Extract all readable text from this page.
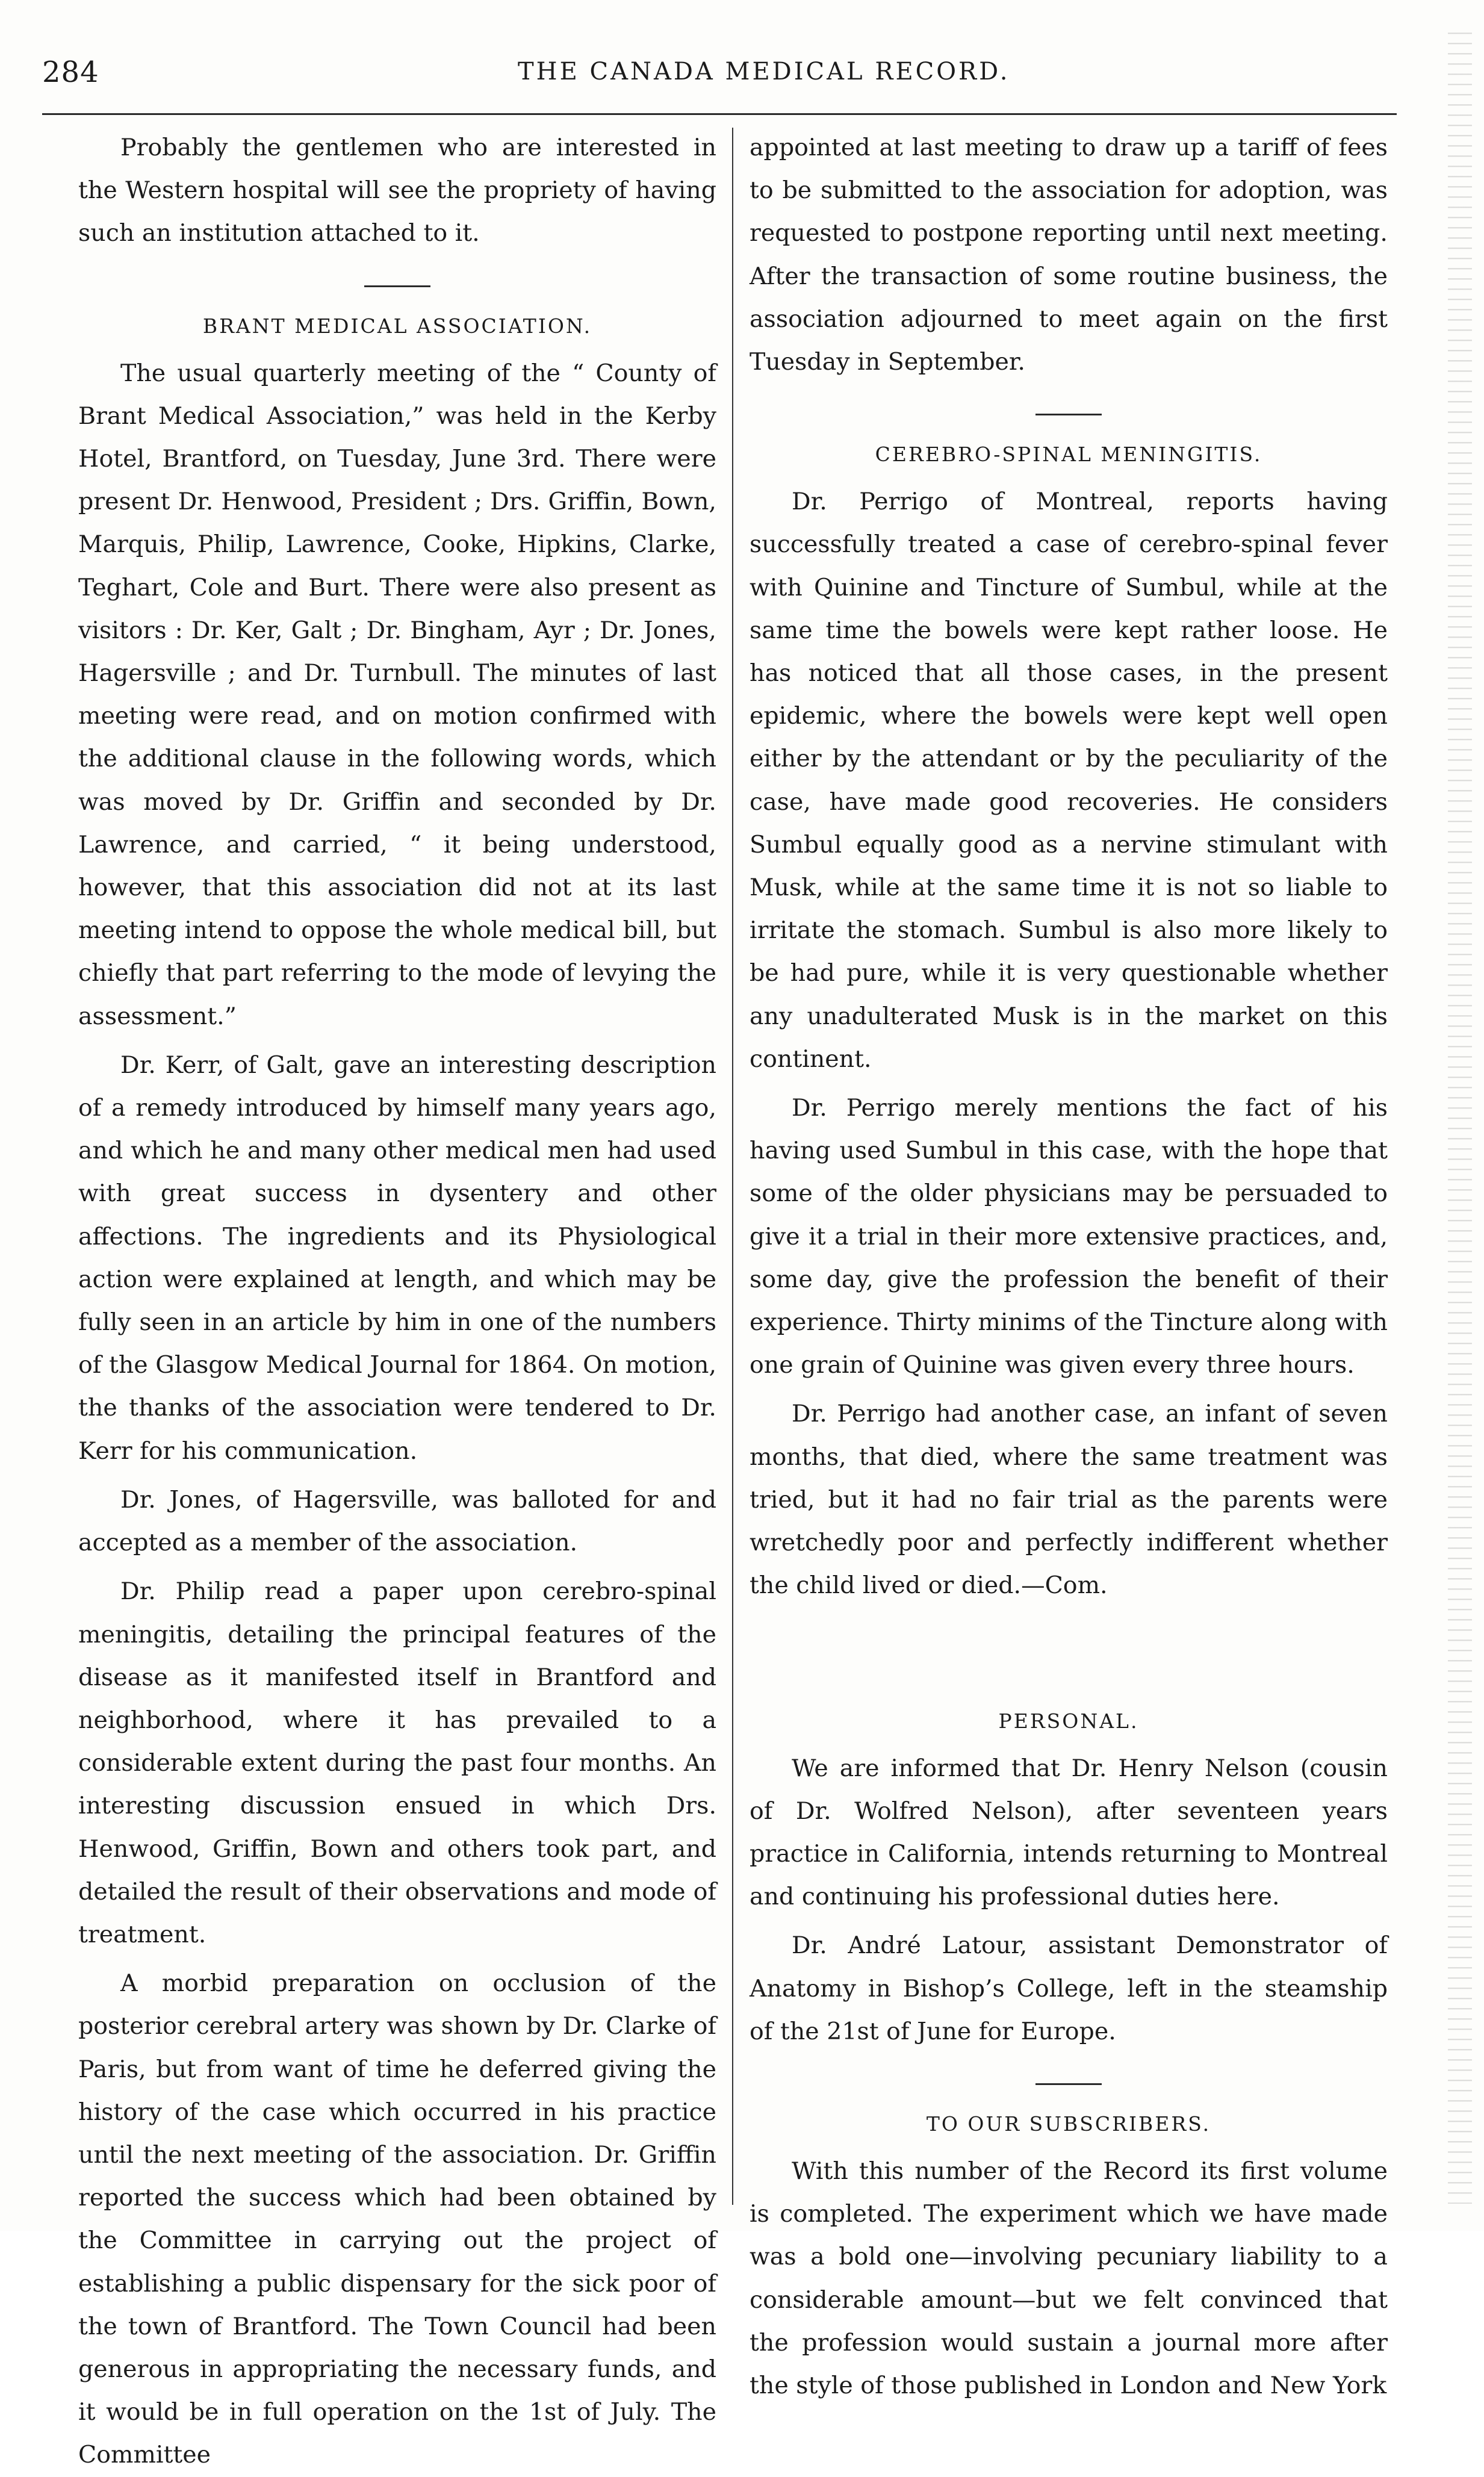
284	THE CANADA MEDICAL RECORD.

Probably the gentlemen who are interested in the Western hospital will see the propriety of having such an institution attached to it.

BRANT MEDICAL ASSOCIATION.

The usual quarterly meeting of the “ County of Brant Medical Association,” was held in the Kerby Hotel, Brantford, on Tuesday, June 3rd. There were present Dr. Henwood, President ; Drs. Griffin, Bown, Marquis, Philip, Lawrence, Cooke, Hipkins, Clarke, Teghart, Cole and Burt. There were also present as visitors : Dr. Ker, Galt ; Dr. Bingham, Ayr ; Dr. Jones, Hagersville ; and Dr. Turnbull. The minutes of last meeting were read, and on motion confirmed with the additional clause in the following words, which was moved by Dr. Griffin and seconded by Dr. Lawrence, and carried, “ it being understood, however, that this association did not at its last meeting intend to oppose the whole medical bill, but chiefly that part referring to the mode of levying the assessment.”

Dr. Kerr, of Galt, gave an interesting description of a remedy introduced by himself many years ago, and which he and many other medical men had used with great success in dysentery and other affections. The ingredients and its Physiological action were explained at length, and which may be fully seen in an article by him in one of the numbers of the Glasgow Medical Journal for 1864. On motion, the thanks of the association were tendered to Dr. Kerr for his communication.

Dr. Jones, of Hagersville, was balloted for and accepted as a member of the association.

Dr. Philip read a paper upon cerebro-spinal meningitis, detailing the principal features of the disease as it manifested itself in Brantford and neighborhood, where it has prevailed to a considerable extent during the past four months. An interesting discussion ensued in which Drs. Henwood, Griffin, Bown and others took part, and detailed the result of their observations and mode of treatment.

A morbid preparation on occlusion of the posterior cerebral artery was shown by Dr. Clarke of Paris, but from want of time he deferred giving the history of the case which occurred in his practice until the next meeting of the association. Dr. Griffin reported the success which had been obtained by the Committee in carrying out the project of establishing a public dispensary for the sick poor of the town of Brantford. The Town Council had been generous in appropriating the necessary funds, and it would be in full operation on the 1st of July. The Committee

appointed at last meeting to draw up a tariff of fees to be submitted to the association for adoption, was requested to postpone reporting until next meeting. After the transaction of some routine business, the association adjourned to meet again on the first Tuesday in September.

CEREBRO-SPINAL MENINGITIS.

Dr. Perrigo of Montreal, reports having successfully treated a case of cerebro-spinal fever with Quinine and Tincture of Sumbul, while at the same time the bowels were kept rather loose. He has noticed that all those cases, in the present epidemic, where the bowels were kept well open either by the attendant or by the peculiarity of the case, have made good recoveries. He considers Sumbul equally good as a nervine stimulant with Musk, while at the same time it is not so liable to irritate the stomach. Sumbul is also more likely to be had pure, while it is very questionable whether any unadulterated Musk is in the market on this continent.

Dr. Perrigo merely mentions the fact of his having used Sumbul in this case, with the hope that some of the older physicians may be persuaded to give it a trial in their more extensive practices, and, some day, give the profession the benefit of their experience. Thirty minims of the Tincture along with one grain of Quinine was given every three hours.

Dr. Perrigo had another case, an infant of seven months, that died, where the same treatment was tried, but it had no fair trial as the parents were wretchedly poor and perfectly indifferent whether the child lived or died.—Com.

PERSONAL.

We are informed that Dr. Henry Nelson (cousin of Dr. Wolfred Nelson), after seventeen years practice in California, intends returning to Montreal and continuing his professional duties here.

Dr. André Latour, assistant Demonstrator of Anatomy in Bishop’s College, left in the steamship of the 21st of June for Europe.

TO OUR SUBSCRIBERS.

With this number of the Record its first volume is completed. The experiment which we have made was a bold one—involving pecuniary liability to a considerable amount—but we felt convinced that the profession would sustain a journal more after the style of those published in London and New York
